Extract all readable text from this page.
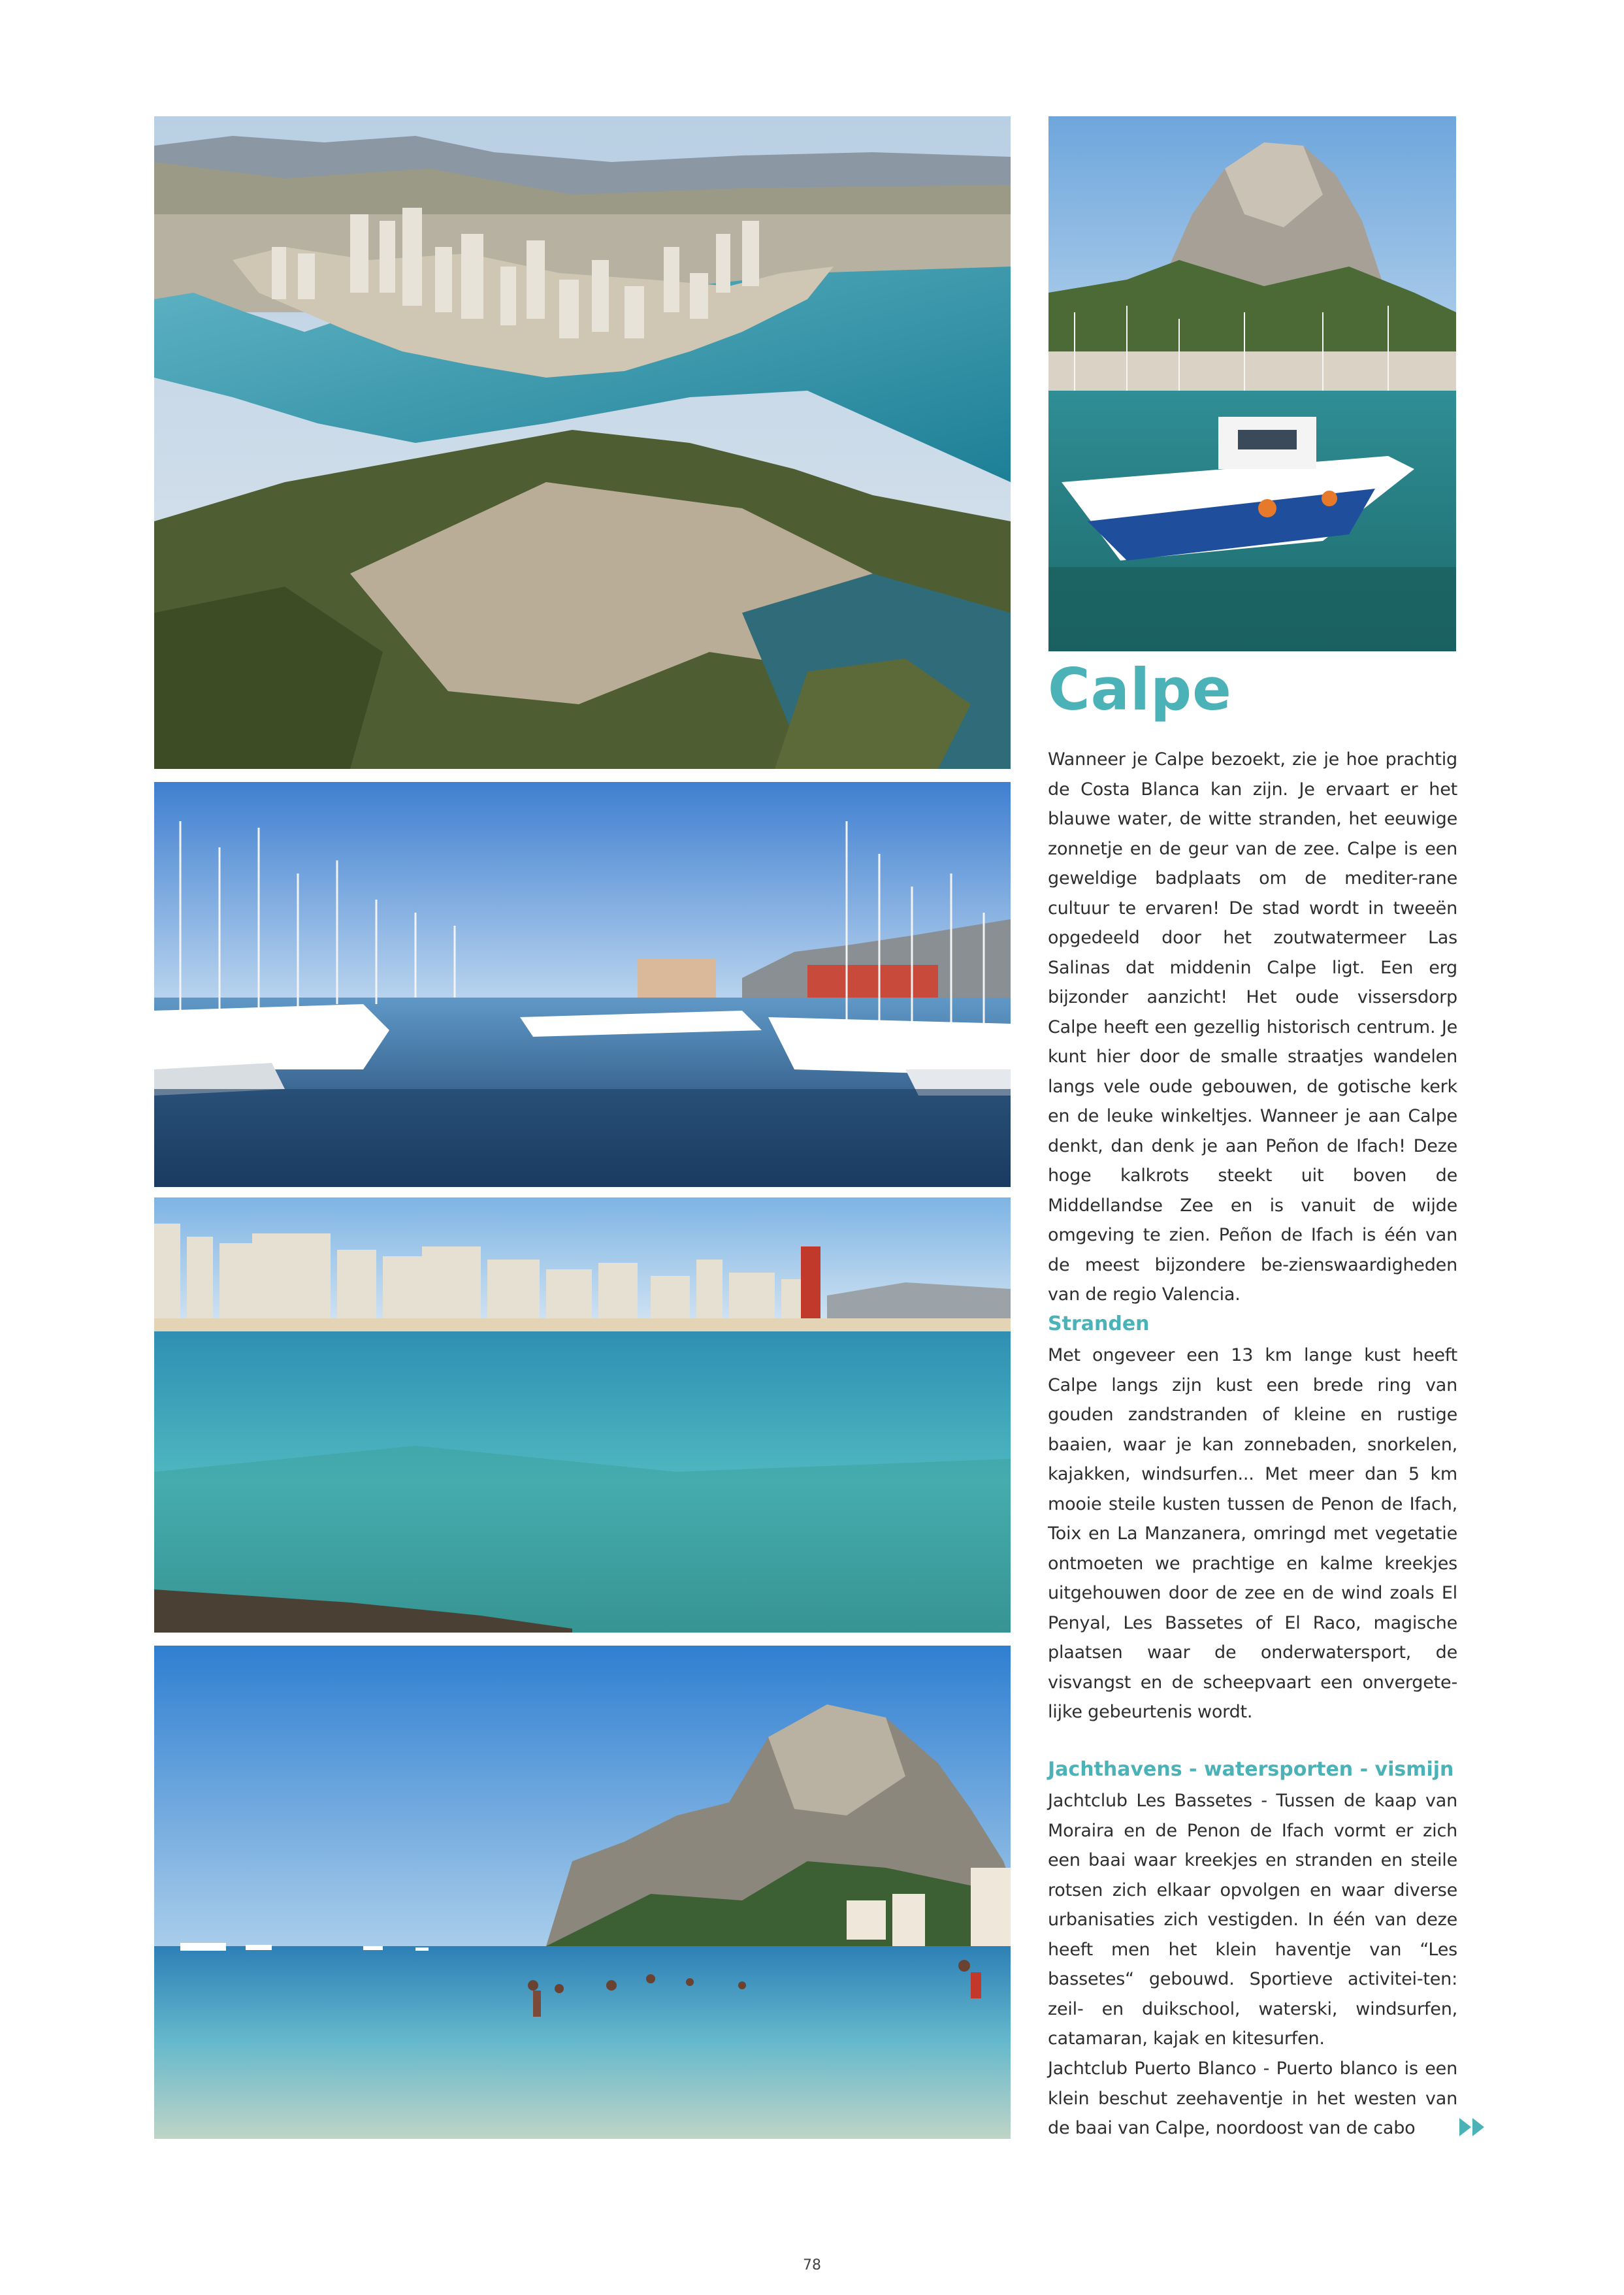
Calpe

Wanneer je Calpe bezoekt, zie je hoe prachtig de Costa Blanca kan zijn. Je ervaart er het blauwe water, de witte stranden, het eeuwige zonnetje en de geur van de zee. Calpe is een geweldige badplaats om de mediter-rane cultuur te ervaren! De stad wordt in tweeën opgedeeld door het zoutwatermeer Las Salinas dat middenin Calpe ligt. Een erg bijzonder aanzicht! Het oude vissersdorp Calpe heeft een gezellig historisch centrum. Je kunt hier door de smalle straatjes wandelen langs vele oude gebouwen, de gotische kerk en de leuke winkeltjes. Wanneer je aan Calpe denkt, dan denk je aan Peñon de Ifach! Deze hoge kalkrots steekt uit boven de Middellandse Zee en is vanuit de wijde omgeving te zien. Peñon de Ifach is één van de meest bijzondere be-zienswaardigheden van de regio Valencia.

Stranden

Met ongeveer een 13 km lange kust heeft Calpe langs zijn kust een brede ring van gouden zandstranden of kleine en rustige baaien, waar je kan zonnebaden, snorkelen, kajakken, windsurfen... Met meer dan 5 km mooie steile kusten tussen de Penon de Ifach, Toix en La Manzanera, omringd met vegetatie ontmoeten we prachtige en kalme kreekjes uitgehouwen door de zee en de wind zoals El Penyal, Les Bassetes of El Raco, magische plaatsen waar de onderwatersport, de visvangst en de scheepvaart een onvergete-lijke gebeurtenis wordt.

Jachthavens - watersporten - vismijn

Jachtclub Les Bassetes - Tussen de kaap van Moraira en de Penon de Ifach vormt er zich een baai waar kreekjes en stranden en steile rotsen zich elkaar opvolgen en waar diverse urbanisaties zich vestigden. In één van deze heeft men het klein haventje van “Les bassetes“ gebouwd. Sportieve activitei-ten: zeil- en duikschool, waterski, windsurfen, catamaran, kajak en kitesurfen.

Jachtclub Puerto Blanco - Puerto blanco is een klein beschut zeehaventje in het westen van de baai van Calpe, noordoost van de cabo

78
